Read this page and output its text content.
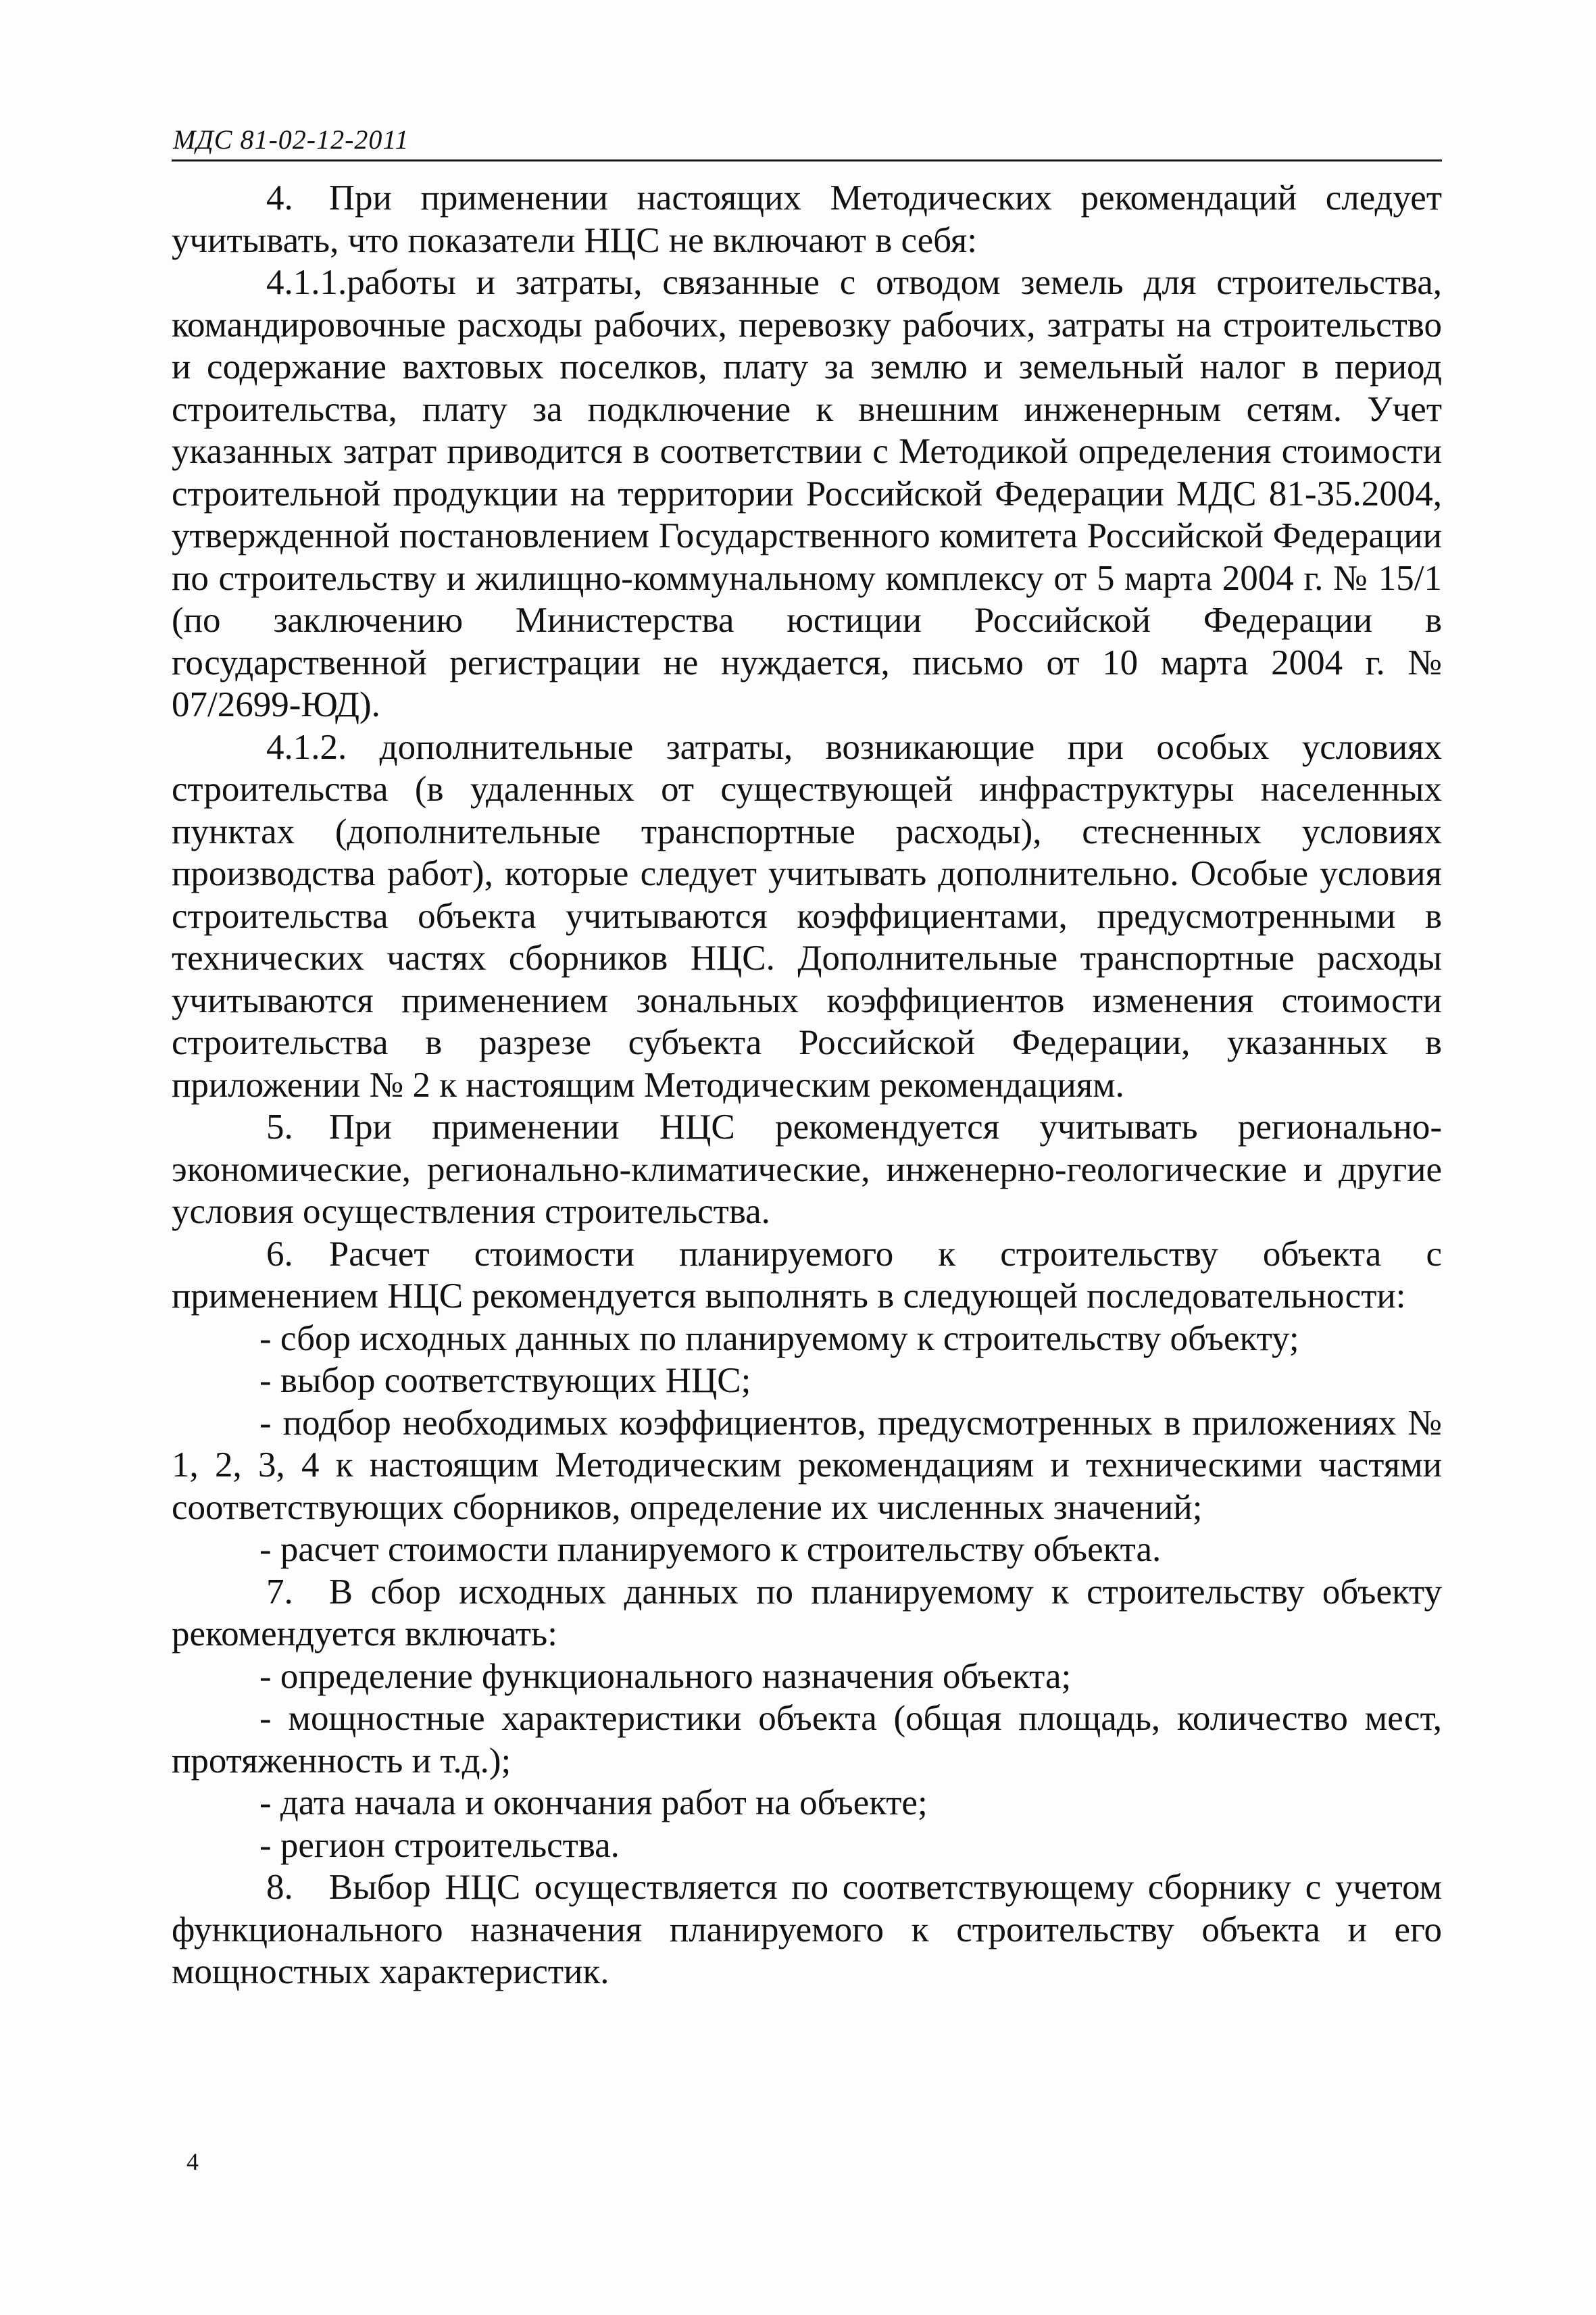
МДС 81-02-12-2011

4. При применении настоящих Методических рекомендаций следует учитывать, что показатели НЦС не включают в себя:

4.1.1.работы и затраты, связанные с отводом земель для строительства, командировочные расходы рабочих, перевозку рабочих, затраты на строительство и содержание вахтовых поселков, плату за землю и земельный налог в период строительства, плату за подключение к внешним инженерным сетям. Учет указанных затрат приводится в соответствии с Методикой определения стоимости строительной продукции на территории Российской Федерации МДС 81-35.2004, утвержденной постановлением Государственного комитета Российской Федерации по строительству и жилищно-коммунальному комплексу от 5 марта 2004 г. № 15/1 (по заключению Министерства юстиции Российской Федерации в государственной регистрации не нуждается, письмо от 10 марта 2004 г. № 07/2699-ЮД).

4.1.2. дополнительные затраты, возникающие при особых условиях строительства (в удаленных от существующей инфраструктуры населенных пунктах (дополнительные транспортные расходы), стесненных условиях производства работ), которые следует учитывать дополнительно. Особые условия строительства объекта учитываются коэффициентами, предусмотренными в технических частях сборников НЦС. Дополнительные транспортные расходы учитываются применением зональных коэффициентов изменения стоимости строительства в разрезе субъекта Российской Федерации, указанных в приложении № 2 к настоящим Методическим рекомендациям.

5. При применении НЦС рекомендуется учитывать регионально-экономические, регионально-климатические, инженерно-геологические и другие условия осуществления строительства.

6. Расчет стоимости планируемого к строительству объекта с применением НЦС рекомендуется выполнять в следующей последовательности:

- сбор исходных данных по планируемому к строительству объекту;

- выбор соответствующих НЦС;

- подбор необходимых коэффициентов, предусмотренных в приложениях № 1, 2, 3, 4 к настоящим Методическим рекомендациям и техническими частями соответствующих сборников, определение их численных значений;

- расчет стоимости планируемого к строительству объекта.

7. В сбор исходных данных по планируемому к строительству объекту рекомендуется включать:

- определение функционального назначения объекта;

- мощностные характеристики объекта (общая площадь, количество мест, протяженность и т.д.);

- дата начала и окончания работ на объекте;

- регион строительства.

8. Выбор НЦС осуществляется по соответствующему сборнику с учетом функционального назначения планируемого к строительству объекта и его мощностных характеристик.

4
